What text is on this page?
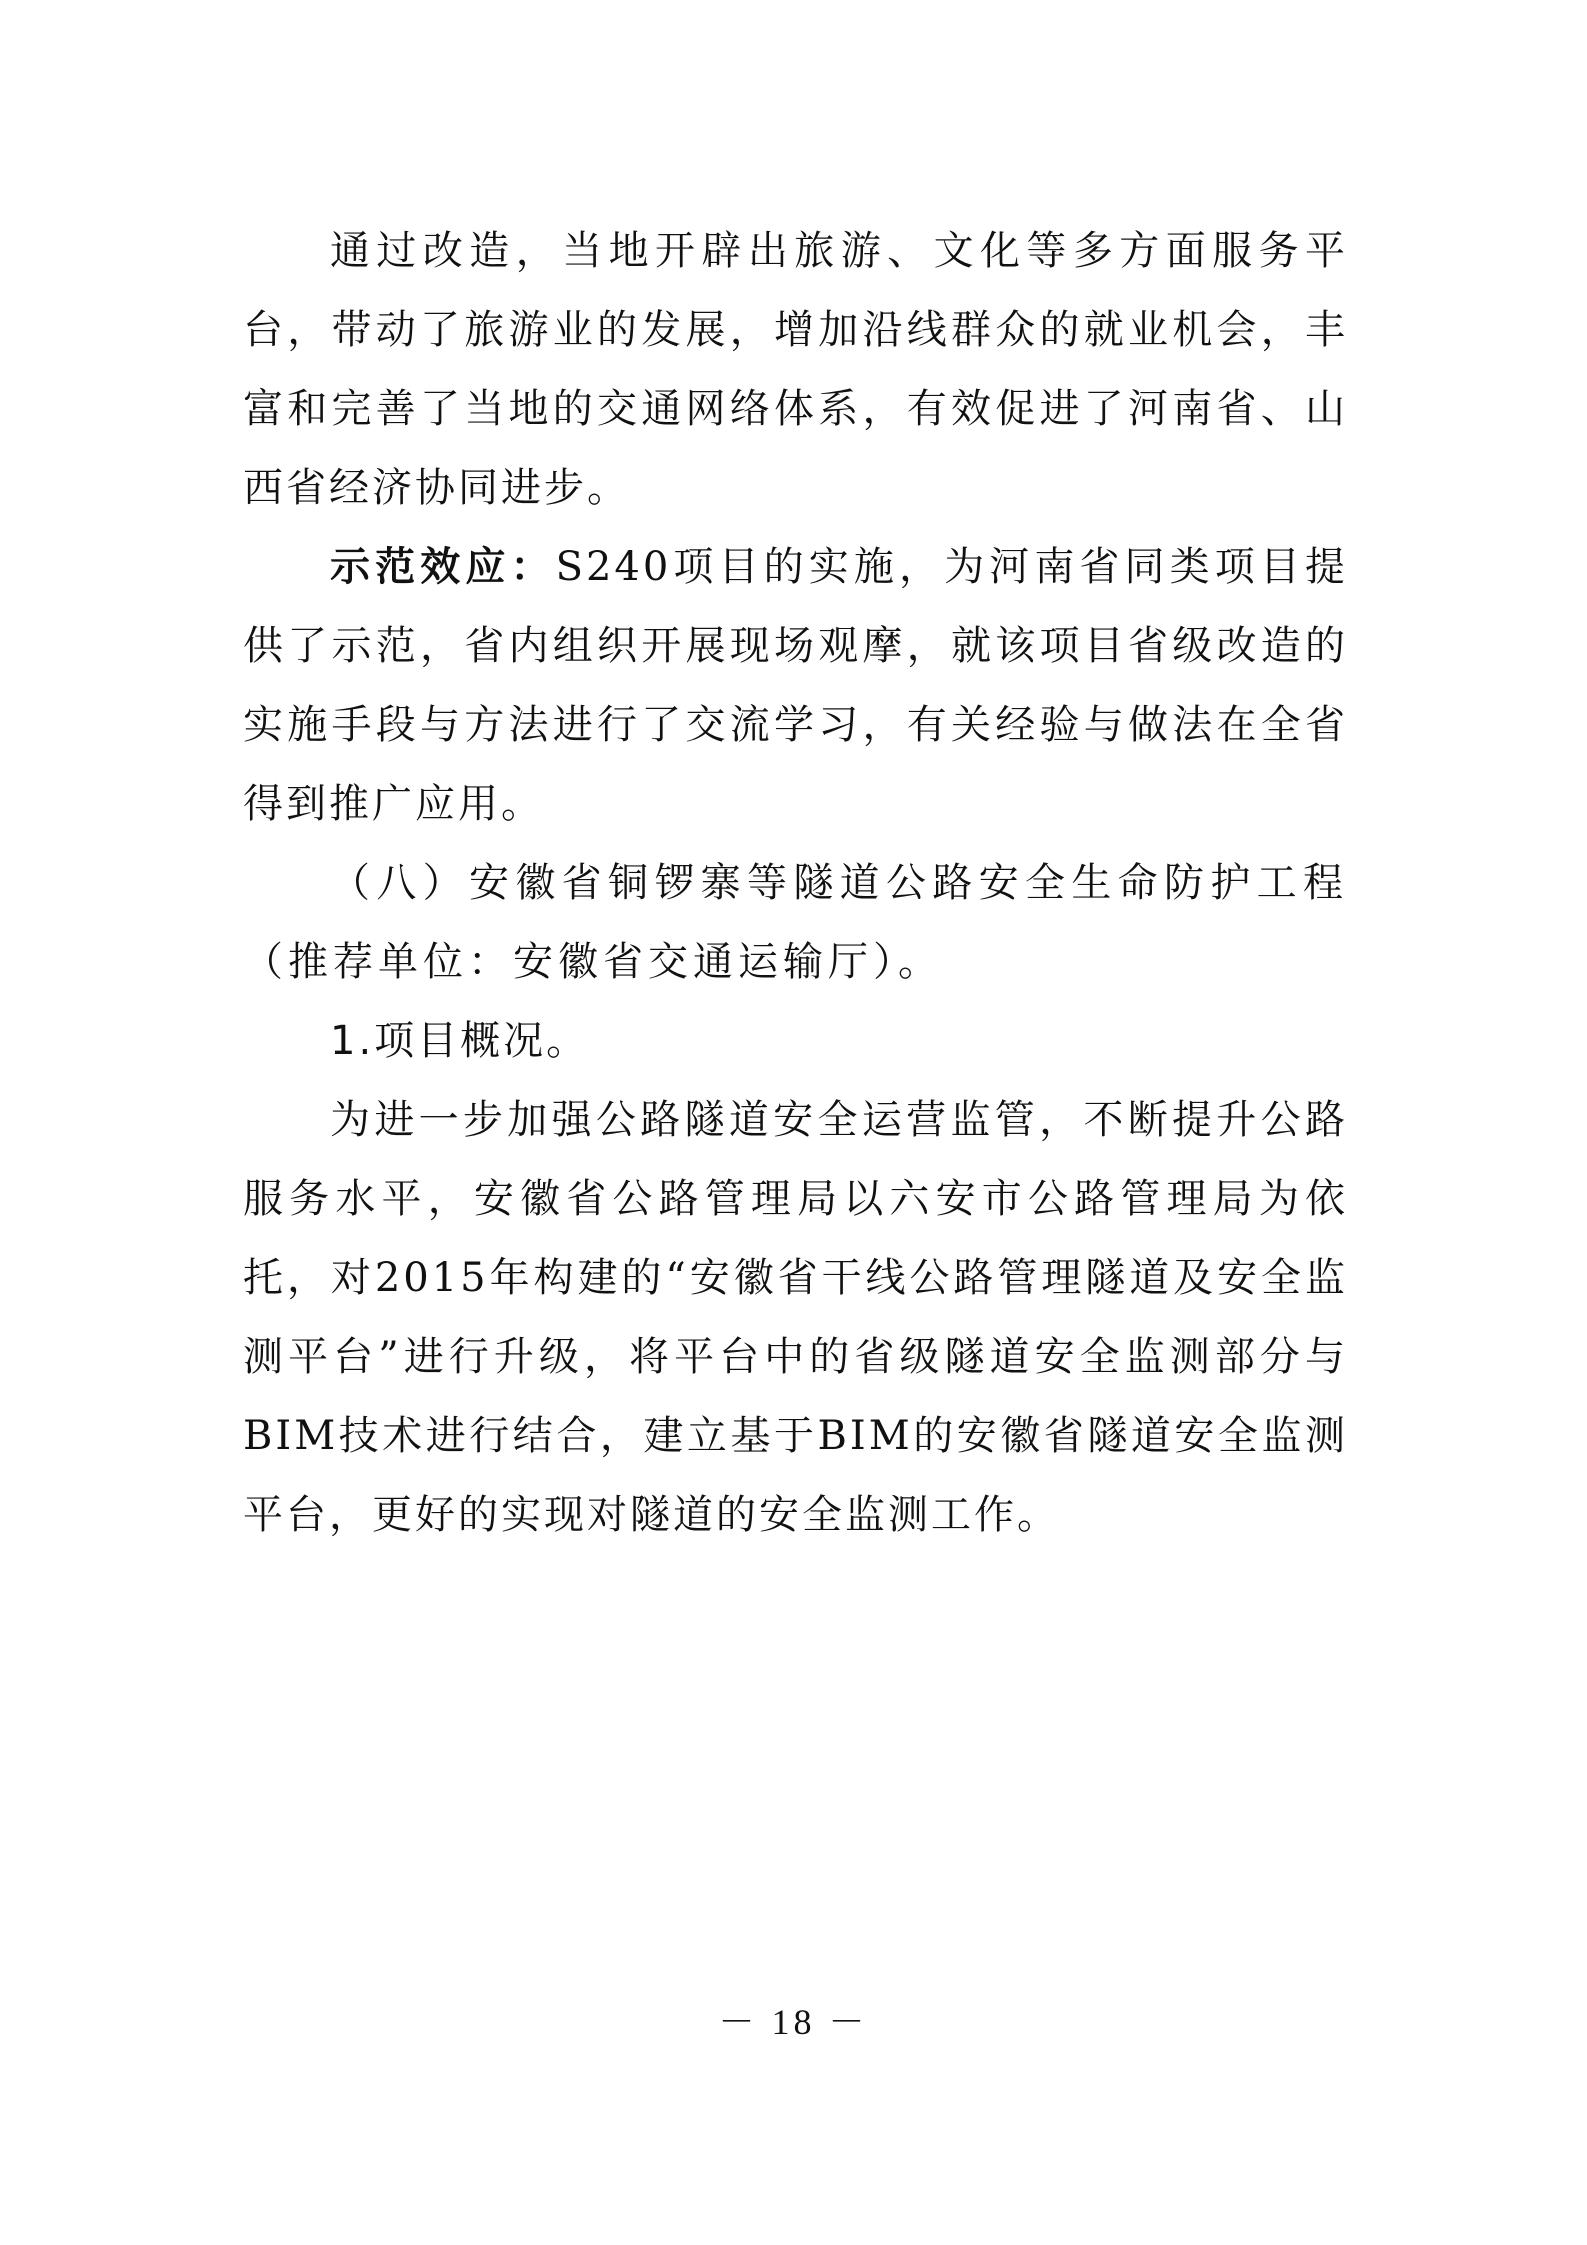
通过改造，当地开辟出旅游、文化等多方面服务平台，带动了旅游业的发展，增加沿线群众的就业机会，丰富和完善了当地的交通网络体系，有效促进了河南省、山西省经济协同进步。

示范效应：S240项目的实施，为河南省同类项目提供了示范，省内组织开展现场观摩，就该项目省级改造的实施手段与方法进行了交流学习，有关经验与做法在全省得到推广应用。

（八）安徽省铜锣寨等隧道公路安全生命防护工程（推荐单位：安徽省交通运输厅）。

1.项目概况。

为进一步加强公路隧道安全运营监管，不断提升公路服务水平，安徽省公路管理局以六安市公路管理局为依托，对2015年构建的“安徽省干线公路管理隧道及安全监测平台”进行升级，将平台中的省级隧道安全监测部分与BIM技术进行结合，建立基于BIM的安徽省隧道安全监测平台，更好的实现对隧道的安全监测工作。

－ 18 －
